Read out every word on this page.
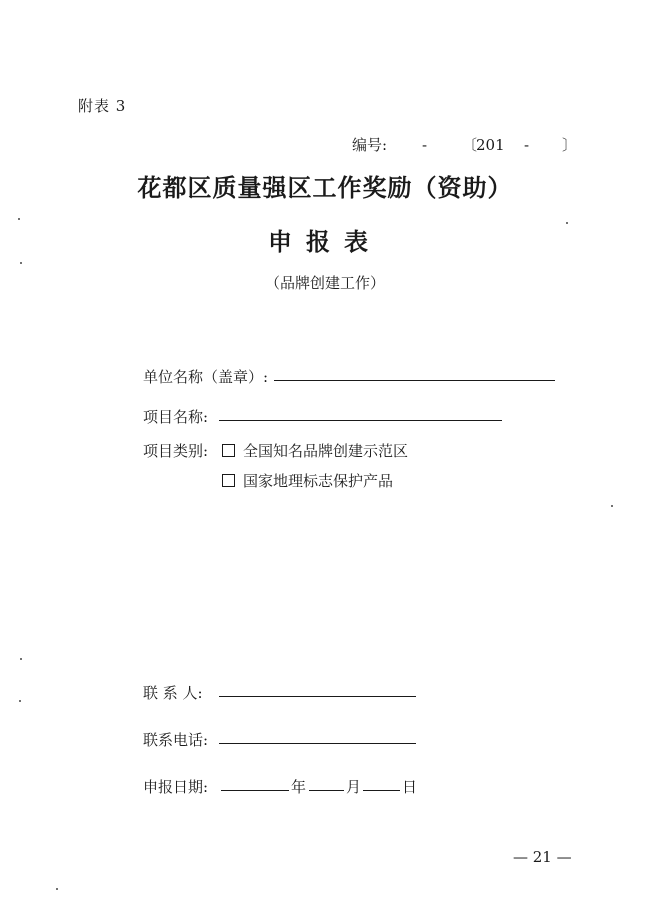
附表 3
编号: - 〔201 - 〕
花都区质量强区工作奖励（资助）
申报表
（品牌创建工作）
单位名称（盖章）:
项目名称:
项目类别:	全国知名品牌创建示范区
国家地理标志保护产品
联 系 人:
联系电话:
申报日期:	年	月	日
— 21 —
